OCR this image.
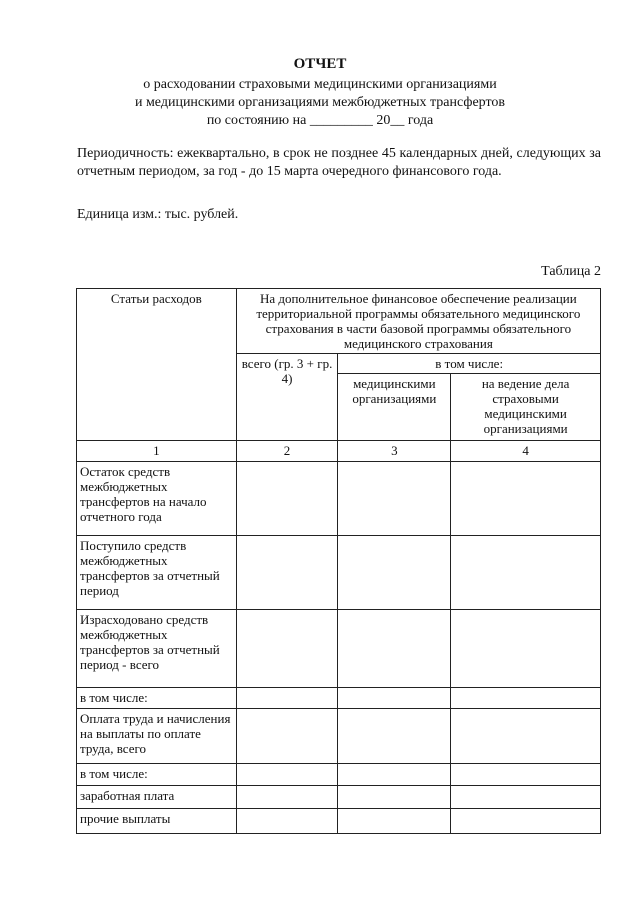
ОТЧЕТ
о расходовании страховыми медицинскими организациями
и медицинскими организациями межбюджетных трансфертов
по состоянию на _________ 20__ года
Периодичность: ежеквартально, в срок не позднее 45 календарных дней, следующих за отчетным периодом, за год - до 15 марта очередного финансового года.
Единица изм.: тыс. рублей.
Таблица 2
Статьи расходов	На дополнительное финансовое обеспечение реализации территориальной программы обязательного медицинского страхования в части базовой программы обязательного медицинского страхования		
	всего (гр. 3 + гр. 4)	в том числе:	
		медицинскими организациями	на ведение дела страховыми медицинскими организациями
1	2	3	4
Остаток средств межбюджетных трансфертов на начало отчетного года			
Поступило средств межбюджетных трансфертов за отчетный период			
Израсходовано средств межбюджетных трансфертов за отчетный период - всего			
в том числе:			
Оплата труда и начисления на выплаты по оплате труда, всего			
в том числе:			
заработная плата			
прочие выплаты			
